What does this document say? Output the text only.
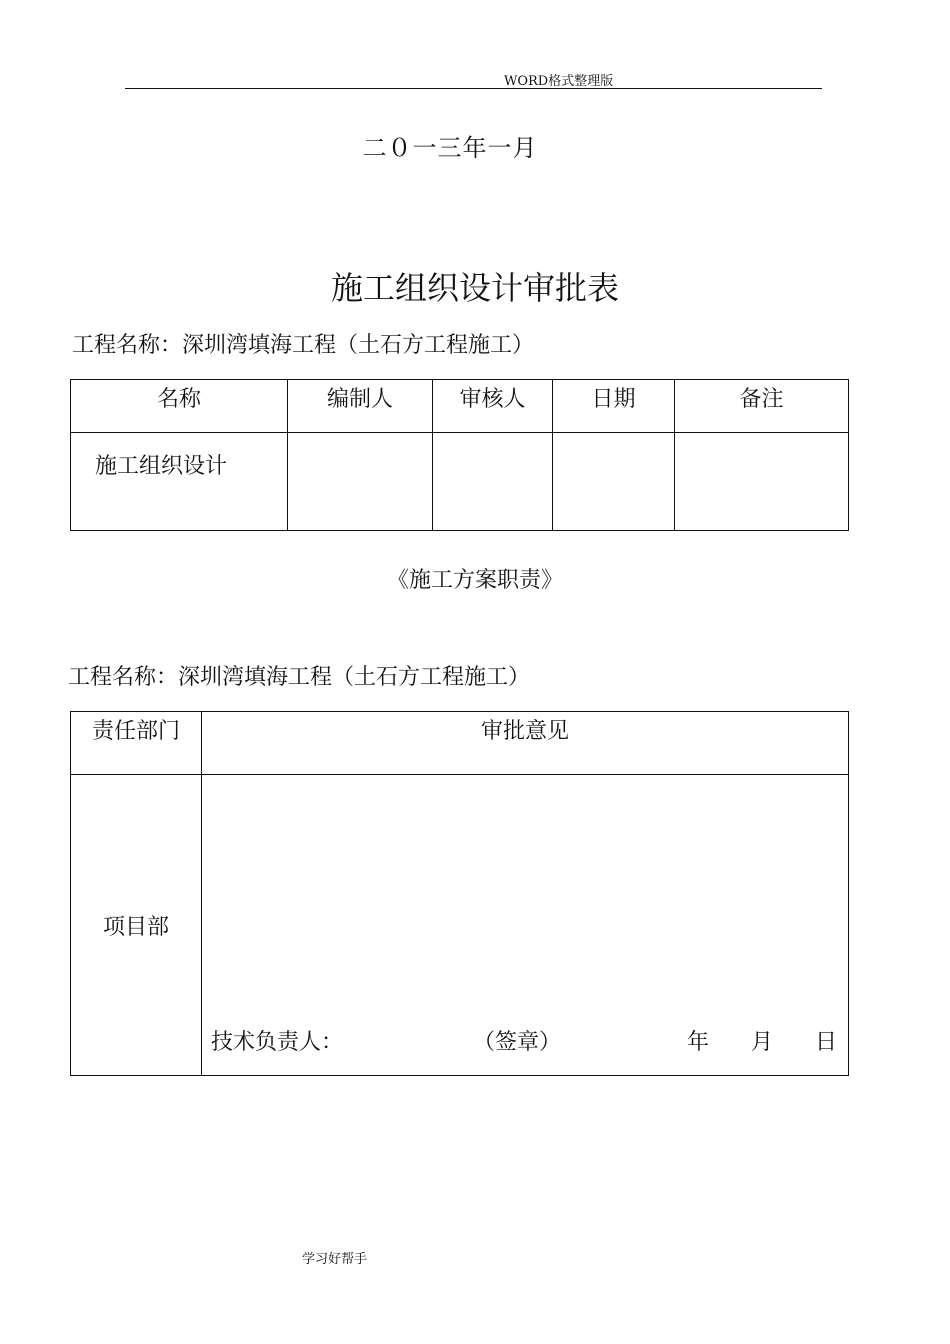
WORD格式整理版
二０一三年一月
施工组织设计审批表
工程名称：深圳湾填海工程（土石方工程施工）
名称	编制人	审核人	日期	备注
施工组织设计				
《施工方案职责》
工程名称：深圳湾填海工程（土石方工程施工）
责任部门	审批意见
项目部	技术负责人： （签章） 年 月 日
学习好帮手
